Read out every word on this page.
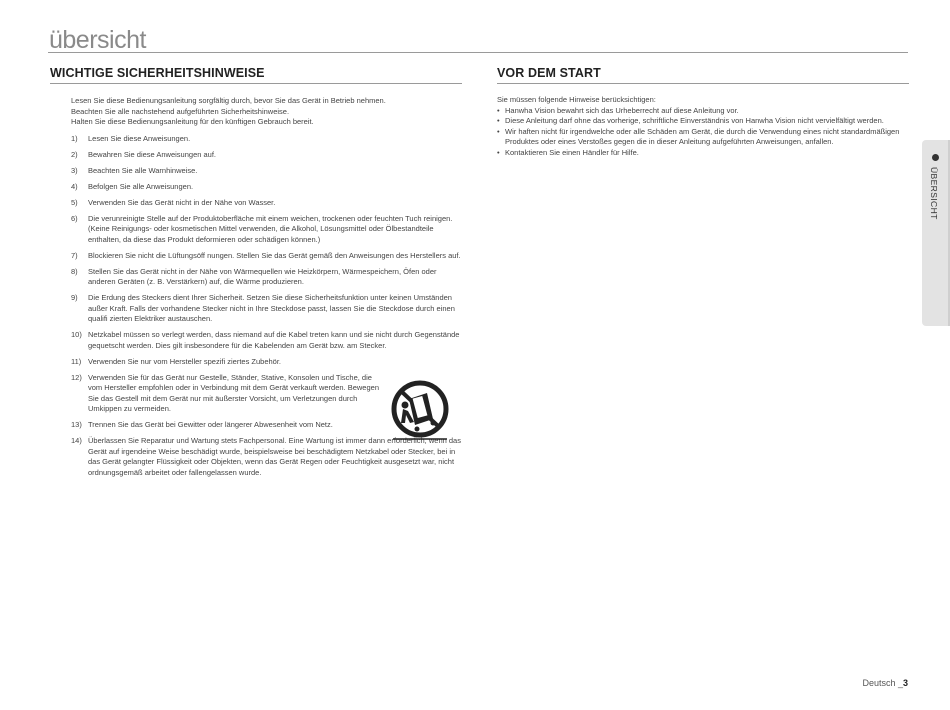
übersicht
WICHTIGE SICHERHEITSHINWEISE
Lesen Sie diese Bedienungsanleitung sorgfältig durch, bevor Sie das Gerät in Betrieb nehmen.
Beachten Sie alle nachstehend aufgeführten Sicherheitshinweise.
Halten Sie diese Bedienungsanleitung für den künftigen Gebrauch bereit.
1)	Lesen Sie diese Anweisungen.
2)	Bewahren Sie diese Anweisungen auf.
3)	Beachten Sie alle Warnhinweise.
4)	Befolgen Sie alle Anweisungen.
5)	Verwenden Sie das Gerät nicht in der Nähe von Wasser.
6)	Die verunreinigte Stelle auf der Produktoberfläche mit einem weichen, trockenen oder feuchten Tuch reinigen. (Keine Reinigungs- oder kosmetischen Mittel verwenden, die Alkohol, Lösungsmittel oder Ölbestandteile enthalten, da diese das Produkt deformieren oder schädigen können.)
7)	Blockieren Sie nicht die Lüftungsöff nungen. Stellen Sie das Gerät gemäß den Anweisungen des Herstellers auf.
8)	Stellen Sie das Gerät nicht in der Nähe von Wärmequellen wie Heizkörpern, Wärmespeichern, Öfen oder anderen Geräten (z. B. Verstärkern) auf, die Wärme produzieren.
9)	Die Erdung des Steckers dient Ihrer Sicherheit. Setzen Sie diese Sicherheitsfunktion unter keinen Umständen außer Kraft. Falls der vorhandene Stecker nicht in Ihre Steckdose passt, lassen Sie die Steckdose durch einen qualifi zierten Elektriker austauschen.
10) Netzkabel müssen so verlegt werden, dass niemand auf die Kabel treten kann und sie nicht durch Gegenstände gequetscht werden. Dies gilt insbesondere für die Kabelenden am Gerät bzw. am Stecker.
11) Verwenden Sie nur vom Hersteller spezifi ziertes Zubehör.
12) Verwenden Sie für das Gerät nur Gestelle, Ständer, Stative, Konsolen und Tische, die vom Hersteller empfohlen oder in Verbindung mit dem Gerät verkauft werden. Bewegen Sie das Gestell mit dem Gerät nur mit äußerster Vorsicht, um Verletzungen durch Umkippen zu vermeiden.
13) Trennen Sie das Gerät bei Gewitter oder längerer Abwesenheit vom Netz.
14) Überlassen Sie Reparatur und Wartung stets Fachpersonal. Eine Wartung ist immer dann erforderlich, wenn das Gerät auf irgendeine Weise beschädigt wurde, beispielsweise bei beschädigtem Netzkabel oder Stecker, bei in das Gerät gelangter Flüssigkeit oder Objekten, wenn das Gerät Regen oder Feuchtigkeit ausgesetzt war, nicht ordnungsgemäß arbeitet oder fallengelassen wurde.
VOR DEM START
Sie müssen folgende Hinweise berücksichtigen:
• Hanwha Vision bewahrt sich das Urheberrecht auf diese Anleitung vor.
• Diese Anleitung darf ohne das vorherige, schriftliche Einverständnis von Hanwha Vision nicht vervielfältigt werden.
• Wir haften nicht für irgendwelche oder alle Schäden am Gerät, die durch die Verwendung eines nicht standardmäßigen Produktes oder eines Verstoßes gegen die in dieser Anleitung aufgeführten Anweisungen, anfallen.
• Kontaktieren Sie einen Händler für Hilfe.
ÜBERSICHT
Deutsch _3
